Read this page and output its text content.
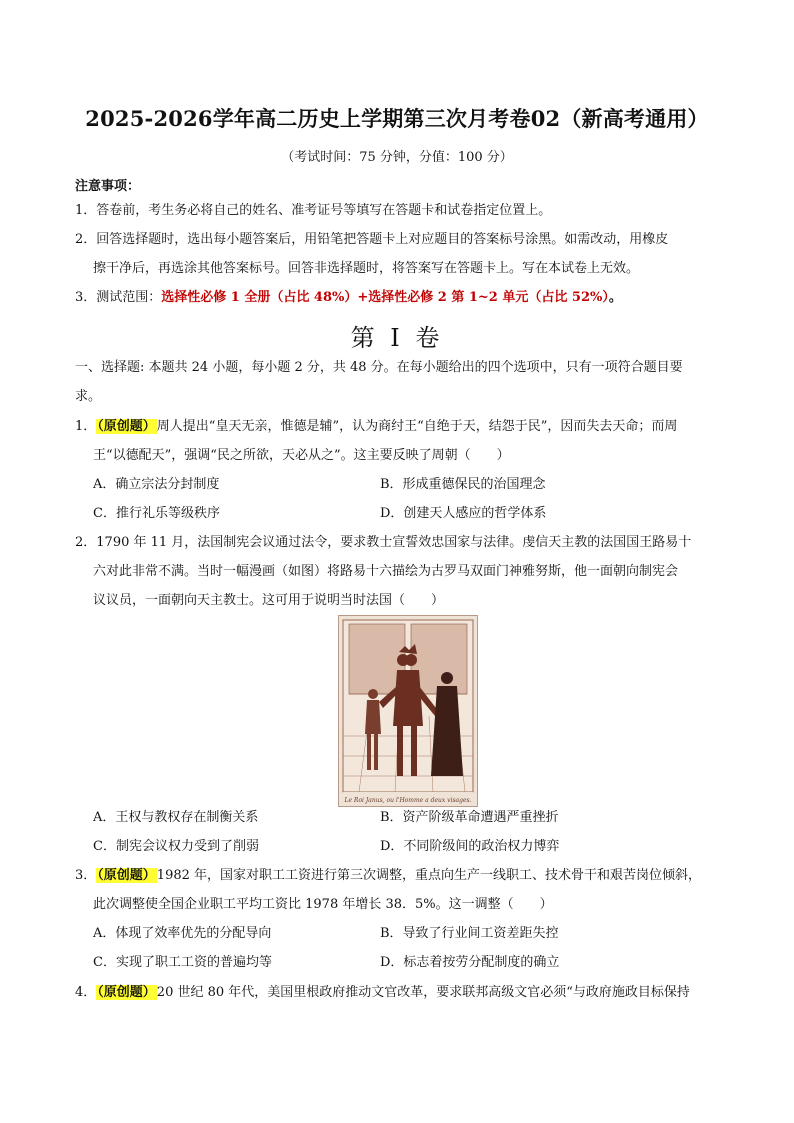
2025-2026学年高二历史上学期第三次月考卷02（新高考通用）
（考试时间：75 分钟，分值：100 分）
注意事项：
1．答卷前，考生务必将自己的姓名、准考证号等填写在答题卡和试卷指定位置上。
2．回答选择题时，选出每小题答案后，用铅笔把答题卡上对应题目的答案标号涂黑。如需改动，用橡皮
擦干净后，再选涂其他答案标号。回答非选择题时，将答案写在答题卡上。写在本试卷上无效。
3．测试范围：选择性必修 1 全册（占比 48%）+选择性必修 2 第 1~2 单元（占比 52%）。
第 I 卷
一、选择题: 本题共 24 小题，每小题 2 分，共 48 分。在每小题给出的四个选项中，只有一项符合题目要
求。
1．（原创题）周人提出“皇天无亲，惟德是辅”，认为商纣王“自绝于天，结怨于民”，因而失去天命；而周
王“以德配天”，强调“民之所欲，天必从之”。这主要反映了周朝（　　）
A．确立宗法分封制度	B．形成重德保民的治国理念
C．推行礼乐等级秩序	D．创建天人感应的哲学体系
2．1790 年 11 月，法国制宪会议通过法令，要求教士宣誓效忠国家与法律。虔信天主教的法国国王路易十
六对此非常不满。当时一幅漫画（如图）将路易十六描绘为古罗马双面门神雅努斯，他一面朝向制宪会
议议员，一面朝向天主教士。这可用于说明当时法国（　　）
Le Roi Janus, ou l'Homme a deux visages.
A．王权与教权存在制衡关系	B．资产阶级革命遭遇严重挫折
C．制宪会议权力受到了削弱	D．不同阶级间的政治权力博弈
3．（原创题）1982 年，国家对职工工资进行第三次调整，重点向生产一线职工、技术骨干和艰苦岗位倾斜，
此次调整使全国企业职工平均工资比 1978 年增长 38．5%。这一调整（　　）
A．体现了效率优先的分配导向	B．导致了行业间工资差距失控
C．实现了职工工资的普遍均等	D．标志着按劳分配制度的确立
4．（原创题）20 世纪 80 年代，美国里根政府推动文官改革，要求联邦高级文官必须“与政府施政目标保持
